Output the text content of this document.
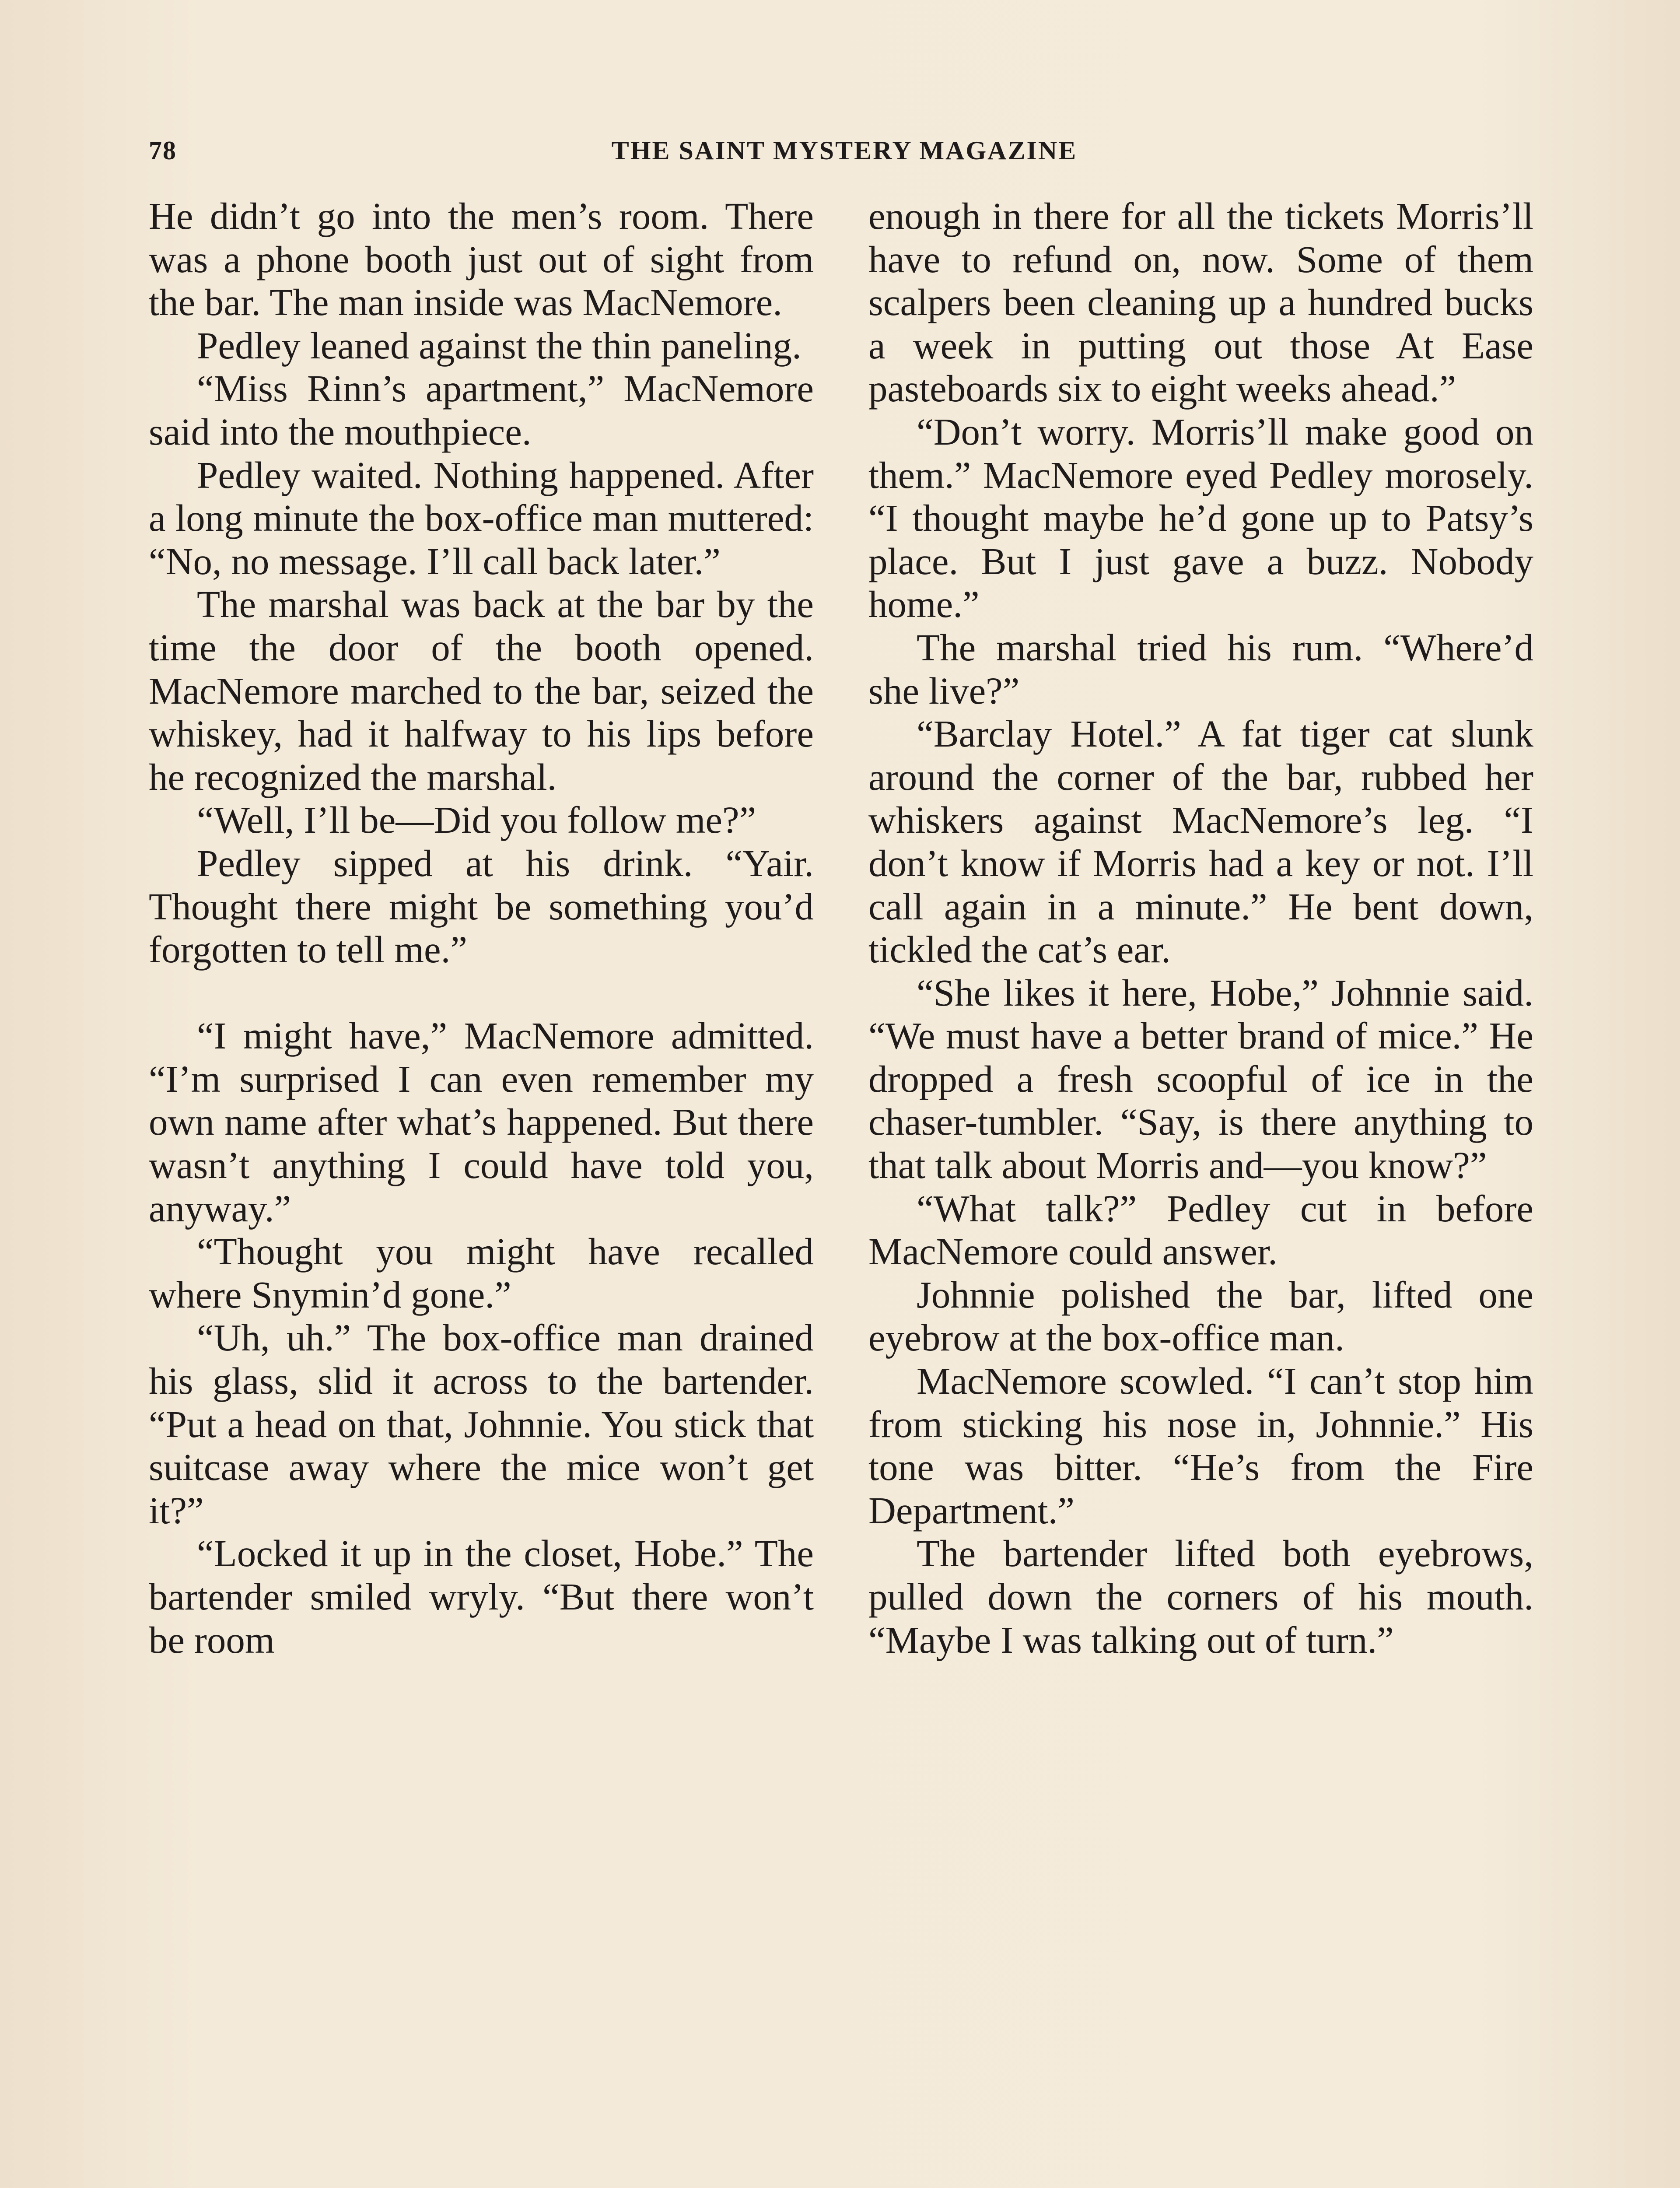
78	THE SAINT MYSTERY MAGAZINE

He didn’t go into the men’s room. There was a phone booth just out of sight from the bar. The man inside was MacNemore.

Pedley leaned against the thin paneling.

“Miss Rinn’s apartment,” MacNemore said into the mouthpiece.

Pedley waited. Nothing happened. After a long minute the box-office man muttered: “No, no message. I’ll call back later.”

The marshal was back at the bar by the time the door of the booth opened. MacNemore marched to the bar, seized the whiskey, had it halfway to his lips before he recognized the marshal.

“Well, I’ll be—Did you follow me?”

Pedley sipped at his drink. “Yair. Thought there might be something you’d forgotten to tell me.”

“I might have,” MacNemore admitted. “I’m surprised I can even remember my own name after what’s happened. But there wasn’t anything I could have told you, anyway.”

“Thought you might have recalled where Snymin’d gone.”

“Uh, uh.” The box-office man drained his glass, slid it across to the bartender. “Put a head on that, Johnnie. You stick that suitcase away where the mice won’t get it?”

“Locked it up in the closet, Hobe.” The bartender smiled wryly. “But there won’t be room

enough in there for all the tickets Morris’ll have to refund on, now. Some of them scalpers been cleaning up a hundred bucks a week in putting out those At Ease pasteboards six to eight weeks ahead.”

“Don’t worry. Morris’ll make good on them.” MacNemore eyed Pedley morosely. “I thought maybe he’d gone up to Patsy’s place. But I just gave a buzz. Nobody home.”

The marshal tried his rum. “Where’d she live?”

“Barclay Hotel.” A fat tiger cat slunk around the corner of the bar, rubbed her whiskers against MacNemore’s leg. “I don’t know if Morris had a key or not. I’ll call again in a minute.” He bent down, tickled the cat’s ear.

“She likes it here, Hobe,” Johnnie said. “We must have a better brand of mice.” He dropped a fresh scoopful of ice in the chaser-tumbler. “Say, is there anything to that talk about Morris and—you know?”

“What talk?” Pedley cut in before MacNemore could answer.

Johnnie polished the bar, lifted one eyebrow at the box-office man.

MacNemore scowled. “I can’t stop him from sticking his nose in, Johnnie.” His tone was bitter. “He’s from the Fire Department.”

The bartender lifted both eyebrows, pulled down the corners of his mouth. “Maybe I was talking out of turn.”
